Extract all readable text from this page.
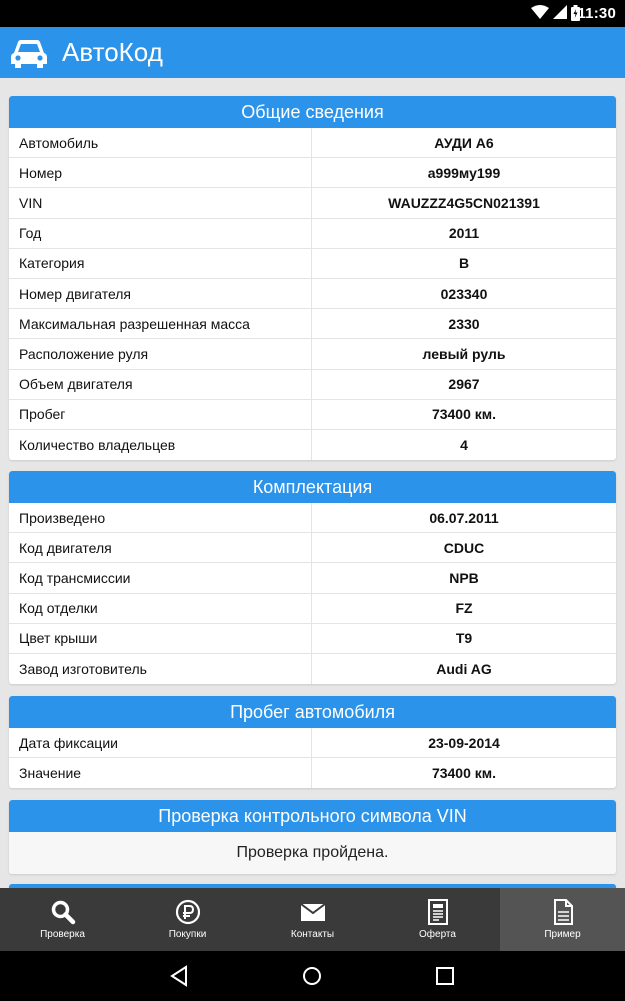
11:30
АвтоКод
Общие сведения
Автомобиль	АУДИ А6
Номер	а999му199
VIN	WAUZZZ4G5CN021391
Год	2011
Категория	B
Номер двигателя	023340
Максимальная разрешенная масса	2330
Расположение руля	левый руль
Объем двигателя	2967
Пробег	73400 км.
Количество владельцев	4
Комплектация
Произведено	06.07.2011
Код двигателя	CDUC
Код трансмиссии	NPB
Код отделки	FZ
Цвет крыши	T9
Завод изготовитель	Audi AG
Пробег автомобиля
Дата фиксации	23-09-2014
Значение	73400 км.
Проверка контрольного символа VIN
Проверка пройдена.
Проверка	Покупки	Контакты	Оферта	Пример
